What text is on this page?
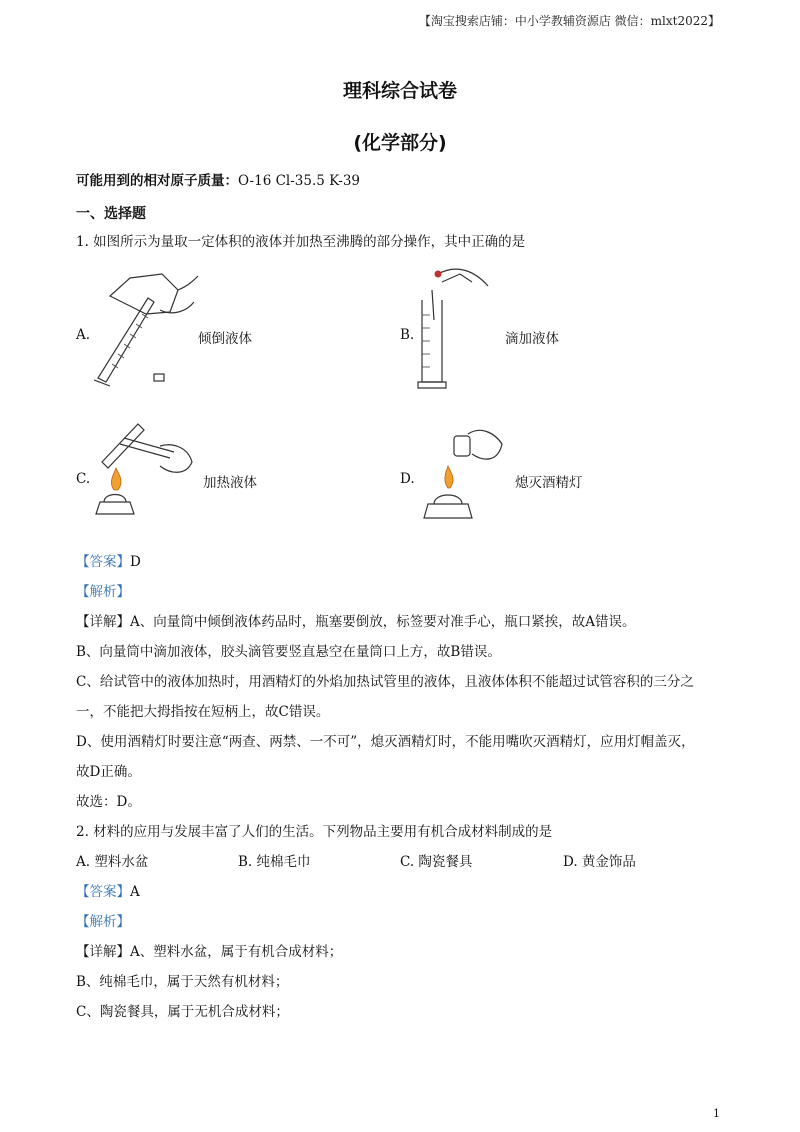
【淘宝搜索店铺：中小学教辅资源店 微信：mlxt2022】
理科综合试卷
(化学部分)
可能用到的相对原子质量：O-16 Cl-35.5 K-39
一、选择题
1. 如图所示为量取一定体积的液体并加热至沸腾的部分操作，其中正确的是
A.	倾倒液体	B.	滴加液体
C.	加热液体	D.	熄灭酒精灯
【答案】D
【解析】
【详解】A、向量筒中倾倒液体药品时，瓶塞要倒放，标签要对准手心，瓶口紧挨，故A错误。
B、向量筒中滴加液体，胶头滴管要竖直悬空在量筒口上方，故B错误。
C、给试管中的液体加热时，用酒精灯的外焰加热试管里的液体，且液体体积不能超过试管容积的三分之
一，不能把大拇指按在短柄上，故C错误。
D、使用酒精灯时要注意“两查、两禁、一不可”，熄灭酒精灯时，不能用嘴吹灭酒精灯，应用灯帽盖灭，
故D正确。
故选：D。
2. 材料的应用与发展丰富了人们的生活。下列物品主要用有机合成材料制成的是
A. 塑料水盆	B. 纯棉毛巾	C. 陶瓷餐具	D. 黄金饰品
【答案】A
【解析】
【详解】A、塑料水盆，属于有机合成材料；
B、纯棉毛巾，属于天然有机材料；
C、陶瓷餐具，属于无机合成材料；
1
